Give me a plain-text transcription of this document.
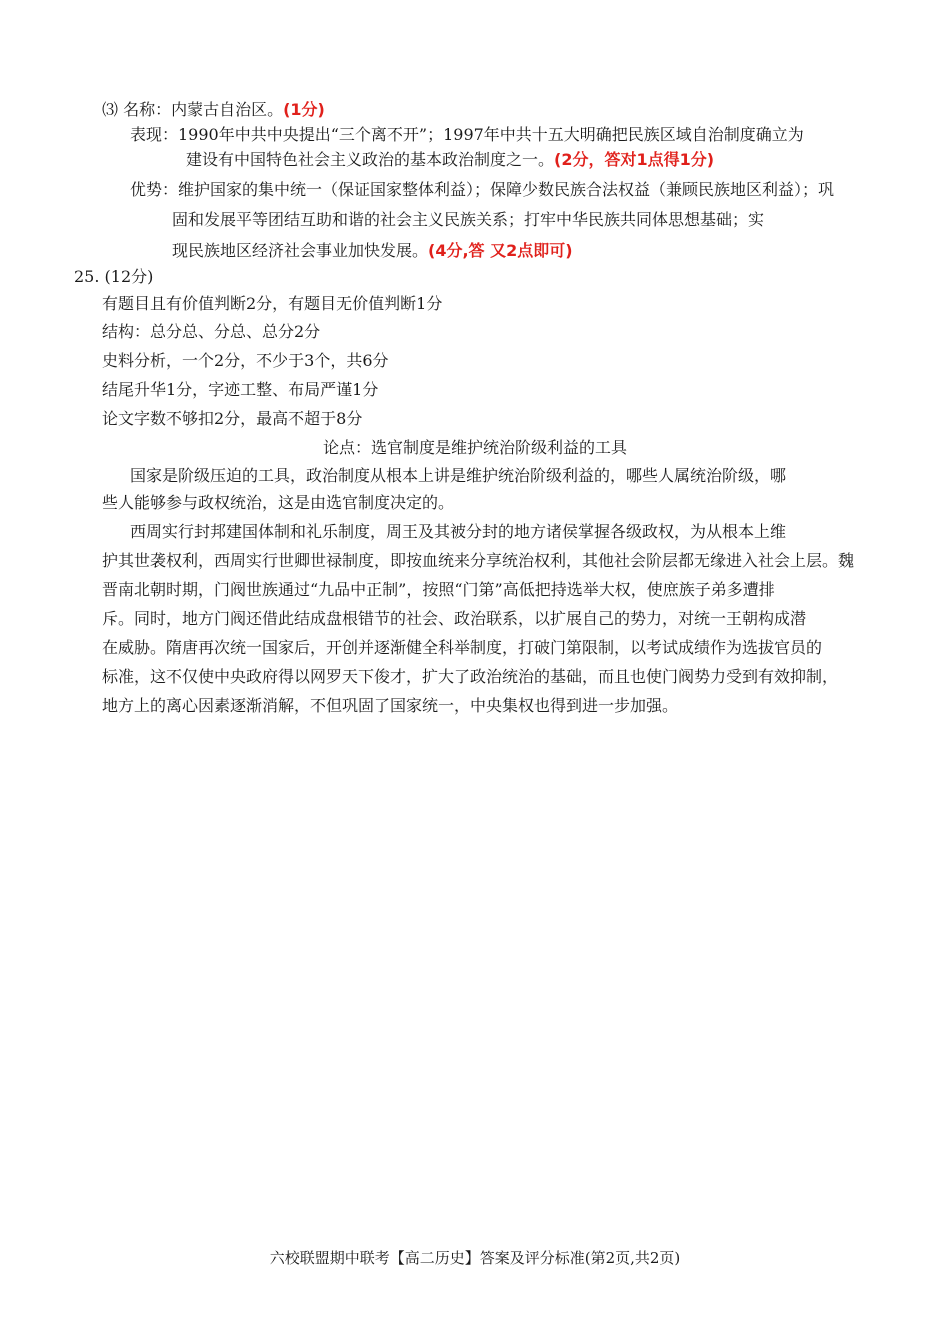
⑶ 名称：内蒙古自治区。(1分)
表现：1990年中共中央提出“三个离不开”；1997年中共十五大明确把民族区域自治制度确立为
建设有中国特色社会主义政治的基本政治制度之一。(2分，答对1点得1分)
优势：维护国家的集中统一（保证国家整体利益）；保障少数民族合法权益（兼顾民族地区利益）；巩
固和发展平等团结互助和谐的社会主义民族关系；打牢中华民族共同体思想基础；实
现民族地区经济社会事业加快发展。(4分,答 又2点即可)
25. (12分)
有题目且有价值判断2分，有题目无价值判断1分
结构：总分总、分总、总分2分
史料分析，一个2分，不少于3个，共6分
结尾升华1分，字迹工整、布局严谨1分
论文字数不够扣2分，最高不超于8分
论点：选官制度是维护统治阶级利益的工具
国家是阶级压迫的工具，政治制度从根本上讲是维护统治阶级利益的，哪些人属统治阶级，哪
些人能够参与政权统治，这是由选官制度决定的。
西周实行封邦建国体制和礼乐制度，周王及其被分封的地方诸侯掌握各级政权，为从根本上维
护其世袭权利，西周实行世卿世禄制度，即按血统来分享统治权利，其他社会阶层都无缘进入社会上层。魏
晋南北朝时期，门阀世族通过“九品中正制”，按照“门第”高低把持选举大权，使庶族子弟多遭排
斥。同时，地方门阀还借此结成盘根错节的社会、政治联系，以扩展自己的势力，对统一王朝构成潜
在威胁。隋唐再次统一国家后，开创并逐渐健全科举制度，打破门第限制，以考试成绩作为选拔官员的
标准，这不仅使中央政府得以网罗天下俊才，扩大了政治统治的基础，而且也使门阀势力受到有效抑制，
地方上的离心因素逐渐消解，不但巩固了国家统一，中央集权也得到进一步加强。
六校联盟期中联考【高二历史】答案及评分标准(第2页,共2页)
